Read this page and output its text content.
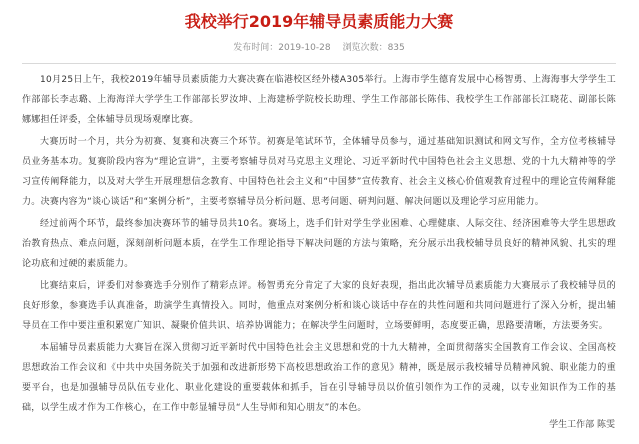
我校举行2019年辅导员素质能力大赛
发布时间：2019-10-28 浏览次数：835

10月25日上午，我校2019年辅导员素质能力大赛决赛在临港校区经外楼A305举行。上海市学生德育发展中心杨智勇、上海海事大学学生工作部部长李志璐、上海海洋大学学生工作部部长罗汝坤、上海建桥学院校长助理、学生工作部部长陈伟、我校学生工作部部长江晓花、副部长陈娜娜担任评委，全体辅导员现场观摩比赛。

大赛历时一个月，共分为初赛、复赛和决赛三个环节。初赛是笔试环节，全体辅导员参与，通过基础知识测试和网文写作，全方位考核辅导员业务基本功。复赛阶段内容为“理论宣讲”，主要考察辅导员对马克思主义理论、习近平新时代中国特色社会主义思想、党的十九大精神等的学习宣传阐释能力，以及对大学生开展理想信念教育、中国特色社会主义和“中国梦”宣传教育、社会主义核心价值观教育过程中的理论宣传阐释能力。决赛内容为“谈心谈话”和“案例分析”，主要考察辅导员分析问题、思考问题、研判问题、解决问题以及理论学习应用能力。

经过前两个环节，最终参加决赛环节的辅导员共10名。赛场上，选手们针对学生学业困难、心理健康、人际交往、经济困难等大学生思想政治教育热点、难点问题，深刻剖析问题本质，在学生工作理论指导下解决问题的方法与策略，充分展示出我校辅导员良好的精神风貌、扎实的理论功底和过硬的素质能力。

比赛结束后，评委们对参赛选手分别作了精彩点评。杨智勇充分肯定了大家的良好表现，指出此次辅导员素质能力大赛展示了我校辅导员的良好形象，参赛选手认真准备，助演学生真情投入。同时，他重点对案例分析和谈心谈话中存在的共性问题和共同问题进行了深入分析，提出辅导员在工作中要注重积累宽广知识、凝聚价值共识、培养协调能力；在解决学生问题时，立场要鲜明，态度要正确，思路要清晰，方法要务实。

本届辅导员素质能力大赛旨在深入贯彻习近平新时代中国特色社会主义思想和党的十九大精神，全面贯彻落实全国教育工作会议、全国高校思想政治工作会议和《中共中央国务院关于加强和改进新形势下高校思想政治工作的意见》精神，既是展示我校辅导员精神风貌、职业能力的重要平台，也是加强辅导员队伍专业化、职业化建设的重要载体和抓手，旨在引导辅导员以价值引领作为工作的灵魂，以专业知识作为工作的基础，以学生成才作为工作核心，在工作中彰显辅导员“人生导师和知心朋友”的本色。

学生工作部 陈雯
